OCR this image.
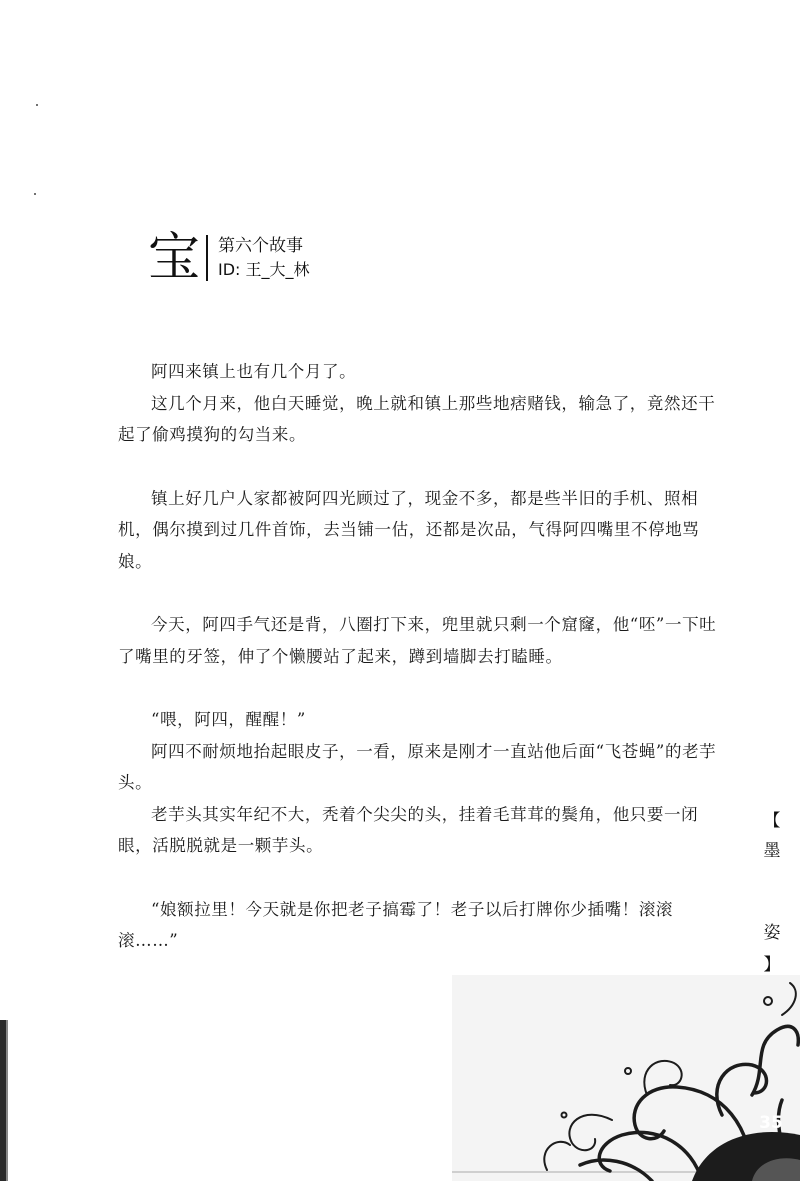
宝 第六个故事
ID: 王_大_林

阿四来镇上也有几个月了。

这几个月来，他白天睡觉，晚上就和镇上那些地痞赌钱，输急了，竟然还干起了偷鸡摸狗的勾当来。

镇上好几户人家都被阿四光顾过了，现金不多，都是些半旧的手机、照相机，偶尔摸到过几件首饰，去当铺一估，还都是次品，气得阿四嘴里不停地骂娘。

今天，阿四手气还是背，八圈打下来，兜里就只剩一个窟窿，他“呸”一下吐了嘴里的牙签，伸了个懒腰站了起来，蹲到墙脚去打瞌睡。

“喂，阿四，醒醒！”

阿四不耐烦地抬起眼皮子，一看，原来是刚才一直站他后面“飞苍蝇”的老芋头。

老芋头其实年纪不大，秃着个尖尖的头，挂着毛茸茸的鬓角，他只要一闭眼，活脱脱就是一颗芋头。

“娘额拉里！今天就是你把老子搞霉了！老子以后打牌你少插嘴！滚滚滚……”

【
墨
姿
】
35
